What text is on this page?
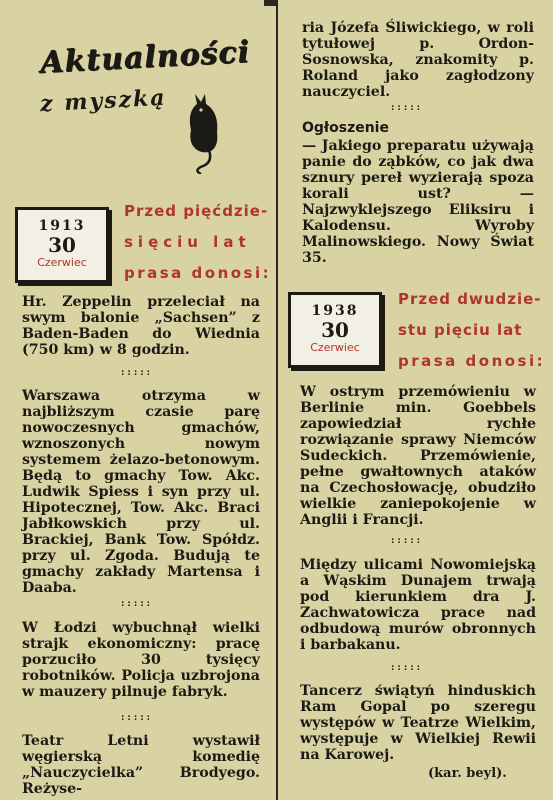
Aktualności
z myszką
1913
30
Czerwiec
Przed pięćdzie-
sięciu lat
prasa donosi:

Hr. Zeppelin przeleciał na swym balonie „Sachsen” z Baden-Baden do Wiednia (750 km) w 8 godzin.

:::::

Warszawa otrzyma w najbliższym czasie parę nowoczesnych gmachów, wznoszonych nowym systemem żelazo-betonowym. Będą to gmachy Tow. Akc. Ludwik Spiess i syn przy ul. Hipotecznej, Tow. Akc. Braci Jabłkowskich przy ul. Brackiej, Bank Tow. Spółdz. przy ul. Zgoda. Budują te gmachy zakłady Martensa i Daaba.

:::::

W Łodzi wybuchnął wielki strajk ekonomiczny: pracę porzuciło 30 tysięcy robotników. Policja uzbrojona w mauzery pilnuje fabryk.

:::::

Teatr Letni wystawił węgierską komedię „Nauczycielka” Brodyego. Reżyse-

ria Józefa Śliwickiego, w roli tytułowej p. Ordon-Sosnowska, znakomity p. Roland jako zagłodzony nauczyciel.

:::::
Ogłoszenie

— Jakiego preparatu używają panie do ząbków, co jak dwa sznury pereł wyzierają spoza korali ust? — Najzwyklejszego Eliksiru i Kalodensu. Wyroby Malinowskiego. Nowy Świat 35.

1938
30
Czerwiec
Przed dwudzie-
stu pięciu lat
prasa donosi:

W ostrym przemówieniu w Berlinie min. Goebbels zapowiedział rychłe rozwiązanie sprawy Niemców Sudeckich. Przemówienie, pełne gwałtownych ataków na Czechosłowację, obudziło wielkie zaniepokojenie w Anglii i Francji.

:::::

Między ulicami Nowomiejską a Wąskim Dunajem trwają pod kierunkiem dra J. Zachwatowicza prace nad odbudową murów obronnych i barbakanu.

:::::

Tancerz świątyń hinduskich Ram Gopal po szeregu występów w Teatrze Wielkim, występuje w Wielkiej Rewii na Karowej.

(kar. beyl).
